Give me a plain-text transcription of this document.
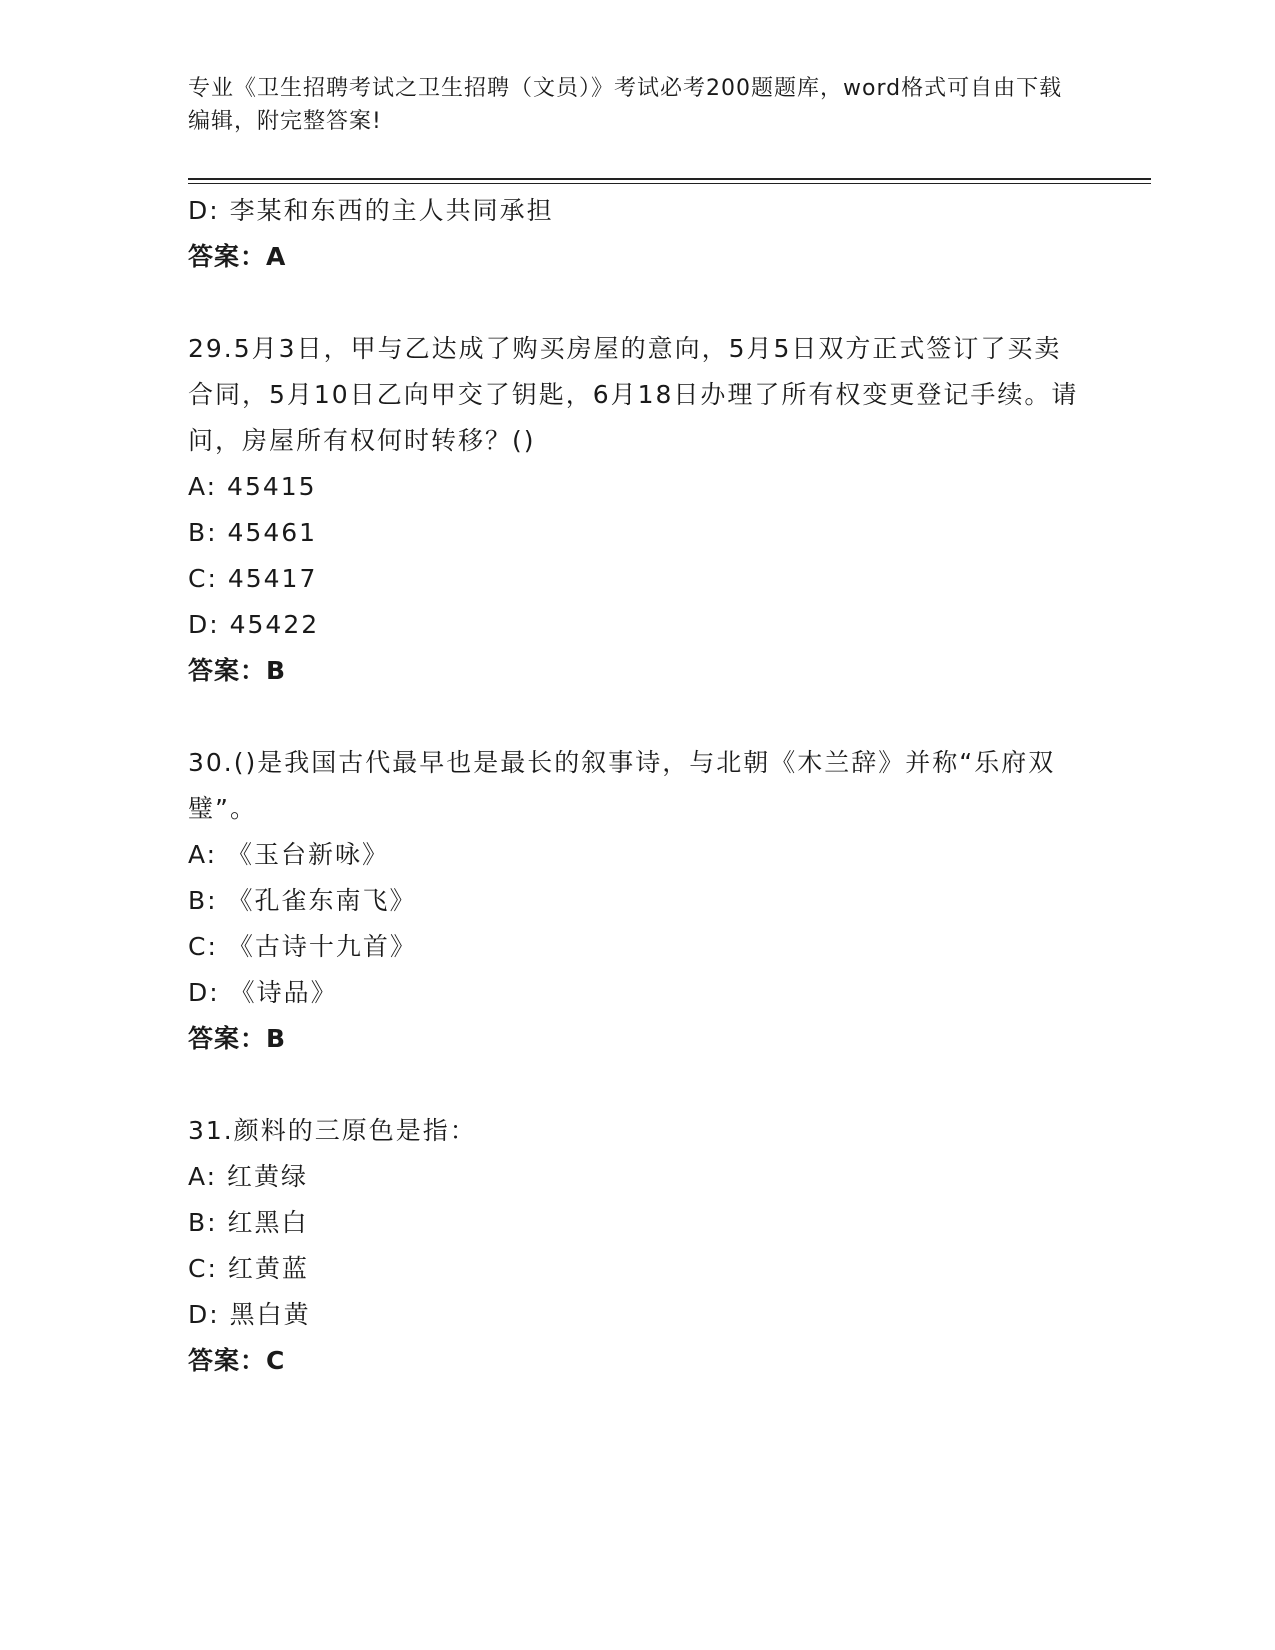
专业《卫生招聘考试之卫生招聘（文员）》考试必考200题题库，word格式可自由下载编辑，附完整答案!
D: 李某和东西的主人共同承担
答案：A
29.5月3日，甲与乙达成了购买房屋的意向，5月5日双方正式签订了买卖合同，5月10日乙向甲交了钥匙，6月18日办理了所有权变更登记手续。请问，房屋所有权何时转移？()
A: 45415
B: 45461
C: 45417
D: 45422
答案：B
30.()是我国古代最早也是最长的叙事诗，与北朝《木兰辞》并称“乐府双璧”。
A: 《玉台新咏》
B: 《孔雀东南飞》
C: 《古诗十九首》
D: 《诗品》
答案：B
31.颜料的三原色是指：
A: 红黄绿
B: 红黑白
C: 红黄蓝
D: 黑白黄
答案：C
